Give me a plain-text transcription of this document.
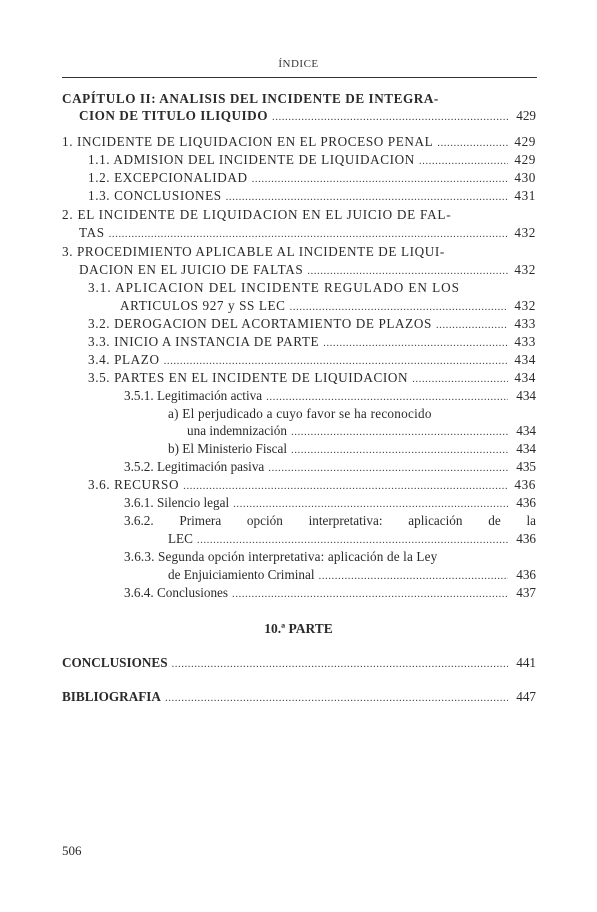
ÍNDICE
CAPÍTULO II: ANALISIS DEL INCIDENTE DE INTEGRA-
CION DE TITULO ILIQUIDO .....	429
1. INCIDENTE DE LIQUIDACION EN EL PROCESO PENAL .....	429
1.1. ADMISION DEL INCIDENTE DE LIQUIDACION .....	429
1.2. EXCEPCIONALIDAD .....	430
1.3. CONCLUSIONES .....	431
2. EL INCIDENTE DE LIQUIDACION EN EL JUICIO DE FAL-
TAS .....	432
3. PROCEDIMIENTO APLICABLE AL INCIDENTE DE LIQUI-
DACION EN EL JUICIO DE FALTAS .....	432
3.1. APLICACION DEL INCIDENTE REGULADO EN LOS
ARTICULOS 927 y SS LEC .....	432
3.2. DEROGACION DEL ACORTAMIENTO DE PLAZOS .....	433
3.3. INICIO A INSTANCIA DE PARTE .....	433
3.4. PLAZO .....	434
3.5. PARTES EN EL INCIDENTE DE LIQUIDACION .....	434
3.5.1. Legitimación activa .....	434
a) El perjudicado a cuyo favor se ha reconocido
una indemnización .....	434
b) El Ministerio Fiscal .....	434
3.5.2. Legitimación pasiva .....	435
3.6. RECURSO .....	436
3.6.1. Silencio legal .....	436
3.6.2. Primera opción interpretativa: aplicación de la
LEC .....	436
3.6.3. Segunda opción interpretativa: aplicación de la Ley
de Enjuiciamiento Criminal .....	436
3.6.4. Conclusiones .....	437
10.ª PARTE
CONCLUSIONES .....	441
BIBLIOGRAFIA .....	447
506
